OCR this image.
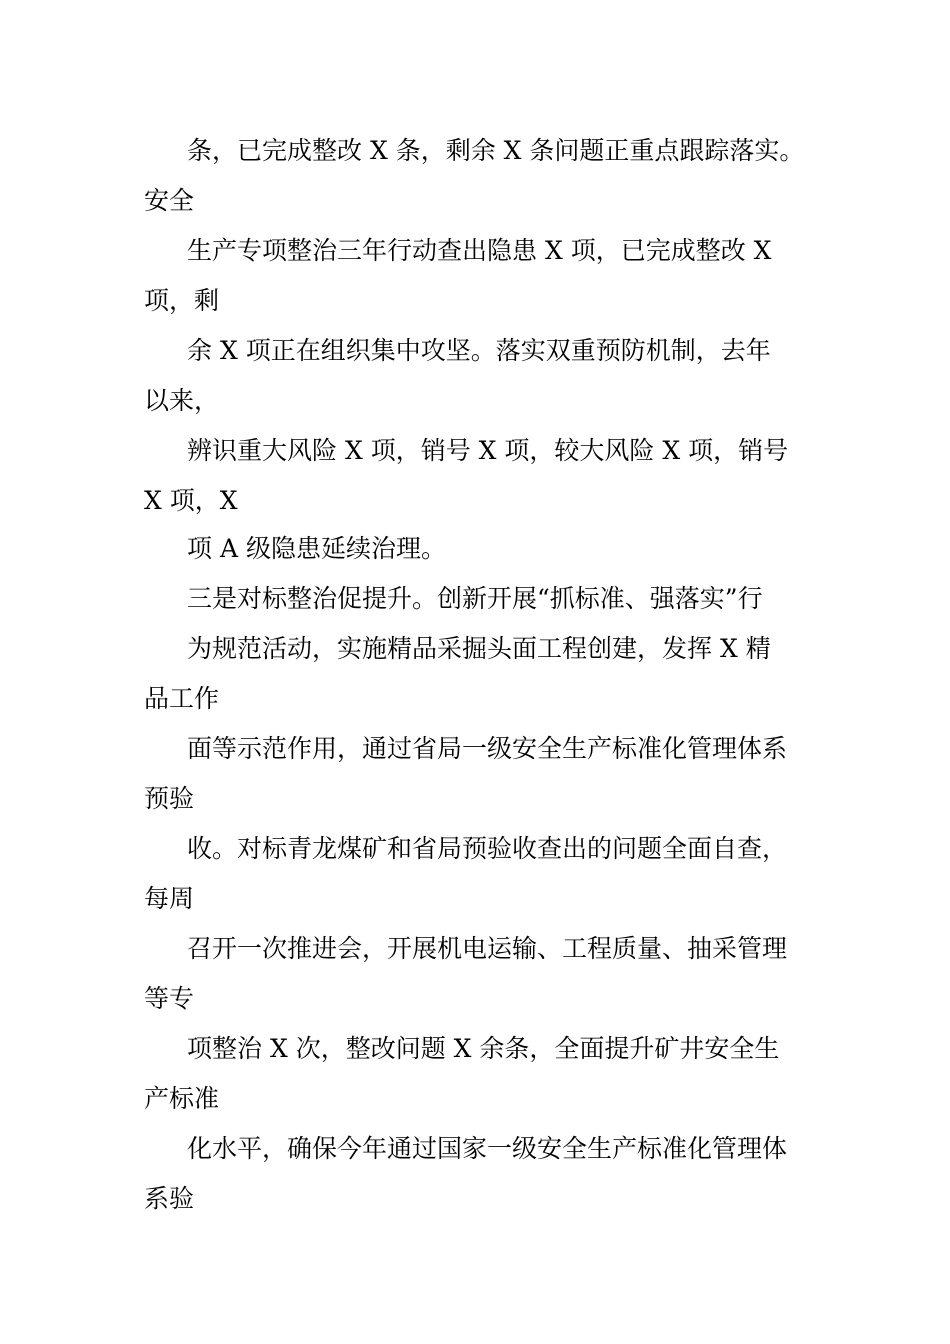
条，已完成整改 X 条，剩余 X 条问题正重点跟踪落实。
安全
生产专项整治三年行动查出隐患 X 项，已完成整改 X
项，剩
余 X 项正在组织集中攻坚。落实双重预防机制，去年
以来，
辨识重大风险 X 项，销号 X 项，较大风险 X 项，销号
X 项，X
项 A 级隐患延续治理。
三是对标整治促提升。创新开展“抓标准、强落实”行
为规范活动，实施精品采掘头面工程创建，发挥 X 精
品工作
面等示范作用，通过省局一级安全生产标准化管理体系
预验
收。对标青龙煤矿和省局预验收查出的问题全面自查，
每周
召开一次推进会，开展机电运输、工程质量、抽采管理
等专
项整治 X 次，整改问题 X 余条，全面提升矿井安全生
产标准
化水平，确保今年通过国家一级安全生产标准化管理体
系验
